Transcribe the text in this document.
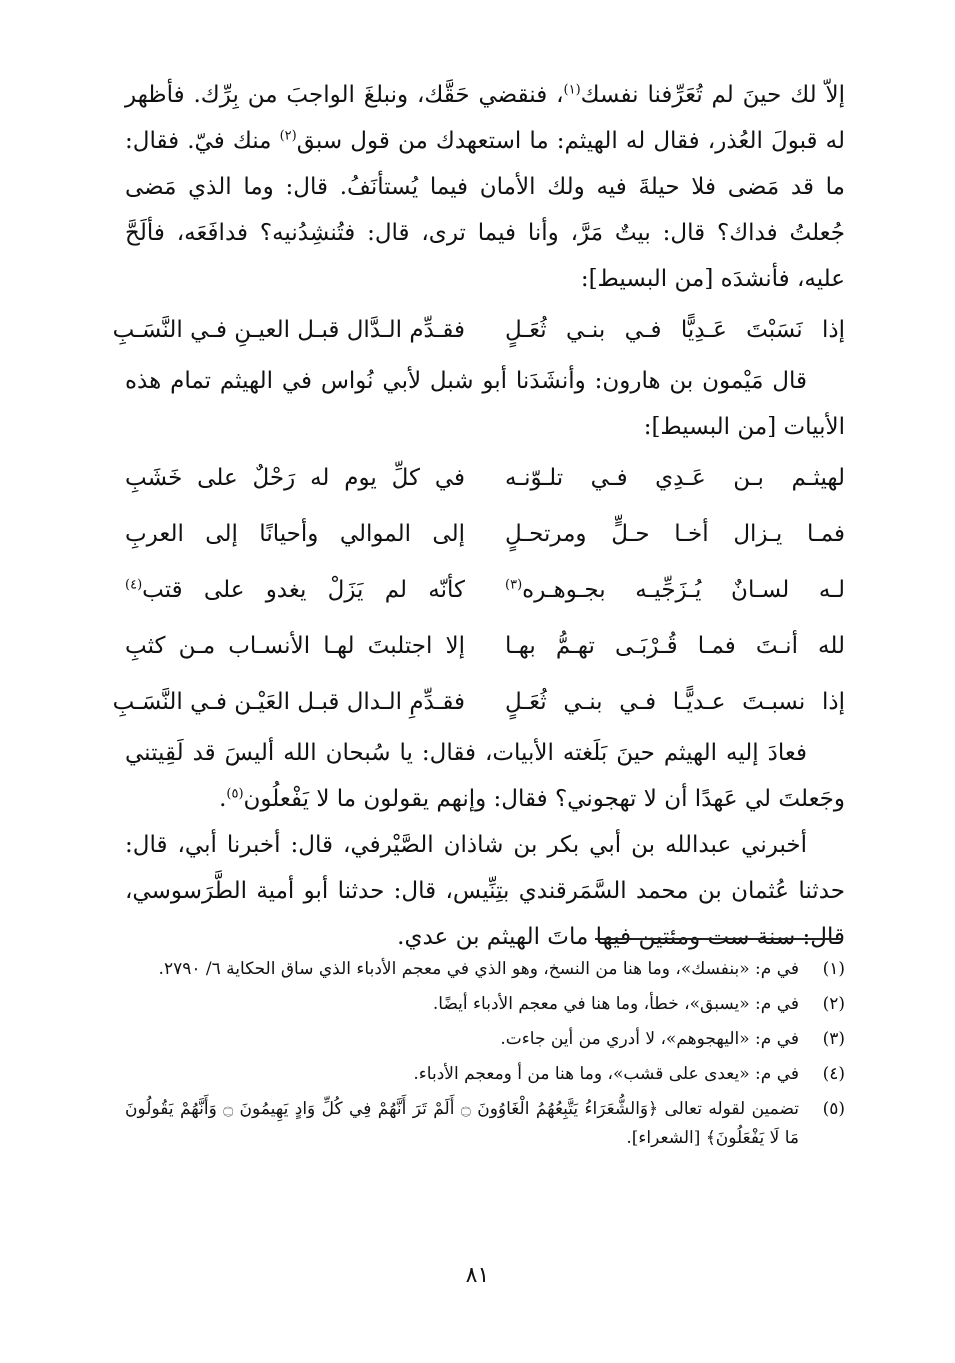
إلاّ لك حينَ لم تُعَرِّفنا نفسك$^{(١)}$، فنقضي حَقَّك، ونبلغَ الواجبَ من بِرِّك. فأظهر له قبولَ العُذر، فقال له الهيثم: ما استعهدك من قول سبق$^{(٢)}$ منك فيّ. فقال: ما قد مَضى فلا حيلةَ فيه ولك الأمان فيما يُستأنَفُ. قال: وما الذي مَضى جُعلتُ فداك؟ قال: بيتٌ مَرَّ، وأنا فيما ترى، قال: فتُنشِدُنيه؟ فدافَعَه، فألَحَّ عليه، فأنشدَه [من البسيط]:

إذا نَسَبْتَ عَـدِيًّا فـي بنـي ثُعَـلٍ
فقـدِّم الـدَّال قبـل العيـنِ فـي النَّسَـبِ

قال مَيْمون بن هارون: وأنشَدَنا أبو شبل لأبي نُواس في الهيثم تمام هذه الأبيات [من البسيط]:

لهيثـم بـن عَـدِي فـي تلـوّنـه
في كلِّ يوم له رَحْلٌ على خَشَبِ
فمـا يـزال أخـا حـلٍّ ومرتحـلٍ
إلى الموالي وأحيانًا إلى العربِ
لـه لسـانٌ يُـزَجِّيـه بجـوهـره$^{(٣)}$
كأنّه لم يَزَلْ يغدو على قتب$^{(٤)}$
لله أنـتَ فمـا قُـرْبَـى تهـمُّ بهـا
إلا اجتلبتَ لهـا الأنسـاب مـن كثبِ
إذا نسبـتَ عـديًّـا فـي بنـي ثُعَـلٍ
فقـدِّمِ الـدال قبـل العَيْـن فـي النَّسَـبِ

فعادَ إليه الهيثم حينَ بَلَغته الأبيات، فقال: يا سُبحان الله أليسَ قد لَقِيتني وجَعلتَ لي عَهدًا أن لا تهجوني؟ فقال: وإنهم يقولون ما لا يَفْعلُون$^{(٥)}$.

أخبرني عبدالله بن أبي بكر بن شاذان الصَّيْرفي، قال: أخبرنا أبي، قال: حدثنا عُثمان بن محمد السَّمَرقندي بتِنِّيس، قال: حدثنا أبو أمية الطَّرَسوسي، قال: سنة ست ومئتين فيها ماتَ الهيثم بن عدي.

(١)
في م: «بنفسك»، وما هنا من النسخ، وهو الذي في معجم الأدباء الذي ساق الحكاية ٦/ ٢٧٩٠.
(٢)
في م: «يسبق»، خطأ، وما هنا في معجم الأدباء أيضًا.
(٣)
في م: «اليهجوهم»، لا أدري من أين جاءت.
(٤)
في م: «يعدى على قشب»، وما هنا من أ ومعجم الأدباء.
(٥)
تضمين لقوله تعالى ﴿وَالشُّعَرَاءُ يَتَّبِعُهُمُ الْغَاوُونَ ۝ أَلَمْ تَرَ أَنَّهُمْ فِي كُلِّ وَادٍ يَهِيمُونَ ۝ وَأَنَّهُمْ يَقُولُونَ مَا لَا يَفْعَلُونَ﴾ [الشعراء].
٨١
